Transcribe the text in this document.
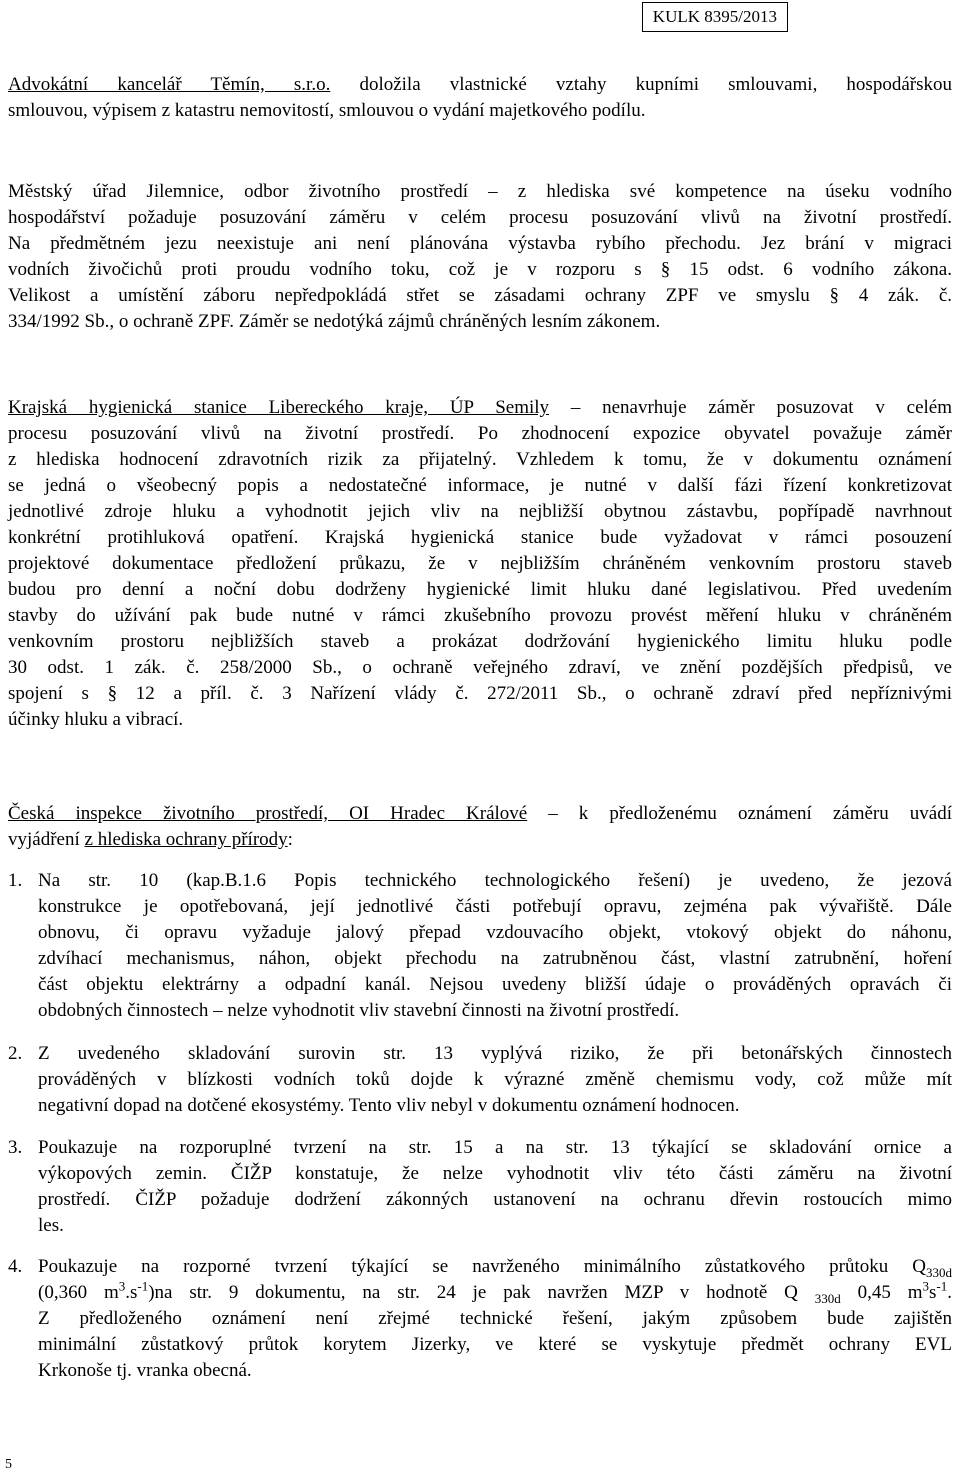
KULK 8395/2013
Advokátní kancelář Těmín, s.r.o. doložila vlastnické vztahy kupními smlouvami, hospodářskou
smlouvou, výpisem z katastru nemovitostí, smlouvou o vydání majetkového podílu.
Městský úřad Jilemnice, odbor životního prostředí – z hlediska své kompetence na úseku vodního
hospodářství požaduje posuzování záměru v celém procesu posuzování vlivů na životní prostředí.
Na předmětném jezu neexistuje ani není plánována výstavba rybího přechodu. Jez brání v migraci
vodních živočichů proti proudu vodního toku, což je v rozporu s § 15 odst. 6 vodního zákona.
Velikost a umístění záboru nepředpokládá střet se zásadami ochrany ZPF ve smyslu § 4 zák. č.
334/1992 Sb., o ochraně ZPF. Záměr se nedotýká zájmů chráněných lesním zákonem.
Krajská hygienická stanice Libereckého kraje, ÚP Semily – nenavrhuje záměr posuzovat v celém
procesu posuzování vlivů na životní prostředí. Po zhodnocení expozice obyvatel považuje záměr
z hlediska hodnocení zdravotních rizik za přijatelný. Vzhledem k tomu, že v dokumentu oznámení
se jedná o všeobecný popis a nedostatečné informace, je nutné v další fázi řízení konkretizovat
jednotlivé zdroje hluku a vyhodnotit jejich vliv na nejbližší obytnou zástavbu, popřípadě navrhnout
konkrétní protihluková opatření. Krajská hygienická stanice bude vyžadovat v rámci posouzení
projektové dokumentace předložení průkazu, že v nejbližším chráněném venkovním prostoru staveb
budou pro denní a noční dobu dodrženy hygienické limit hluku dané legislativou. Před uvedením
stavby do užívání pak bude nutné v rámci zkušebního provozu provést měření hluku v chráněném
venkovním prostoru nejbližších staveb a prokázat dodržování hygienického limitu hluku podle
30 odst. 1 zák. č. 258/2000 Sb., o ochraně veřejného zdraví, ve znění pozdějších předpisů, ve
spojení s § 12 a příl. č. 3 Nařízení vlády č. 272/2011 Sb., o ochraně zdraví před nepříznivými
účinky hluku a vibrací.
Česká inspekce životního prostředí, OI Hradec Králové – k předloženému oznámení záměru uvádí
vyjádření z hlediska ochrany přírody:
1. Na str. 10 (kap.B.1.6 Popis technického technologického řešení) je uvedeno, že jezová
konstrukce je opotřebovaná, její jednotlivé části potřebují opravu, zejména pak vývařiště. Dále
obnovu, či opravu vyžaduje jalový přepad vzdouvacího objekt, vtokový objekt do náhonu,
zdvíhací mechanismus, náhon, objekt přechodu na zatrubněnou část, vlastní zatrubnění, hoření
část objektu elektrárny a odpadní kanál. Nejsou uvedeny bližší údaje o prováděných opravách či
obdobných činnostech – nelze vyhodnotit vliv stavební činnosti na životní prostředí.
2. Z uvedeného skladování surovin str. 13 vyplývá riziko, že při betonářských činnostech
prováděných v blízkosti vodních toků dojde k výrazné změně chemismu vody, což může mít
negativní dopad na dotčené ekosystémy. Tento vliv nebyl v dokumentu oznámení hodnocen.
3. Poukazuje na rozporuplné tvrzení na str. 15 a na str. 13 týkající se skladování ornice a
výkopových zemin. ČIŽP konstatuje, že nelze vyhodnotit vliv této části záměru na životní
prostředí. ČIŽP požaduje dodržení zákonných ustanovení na ochranu dřevin rostoucích mimo
les.
4. Poukazuje na rozporné tvrzení týkající se navrženého minimálního zůstatkového průtoku $Q_{330d}$
(0,360 $m^3.s^{-1})na$ str. 9 dokumentu, na str. 24 je pak navržen MZP v hodnotě Q $_{330d}$ 0,45 $m^3s^{-1}$.
Z předloženého oznámení není zřejmé technické řešení, jakým způsobem bude zajištěn
minimální zůstatkový průtok korytem Jizerky, ve které se vyskytuje předmět ochrany EVL
Krkonoše tj. vranka obecná.
5
